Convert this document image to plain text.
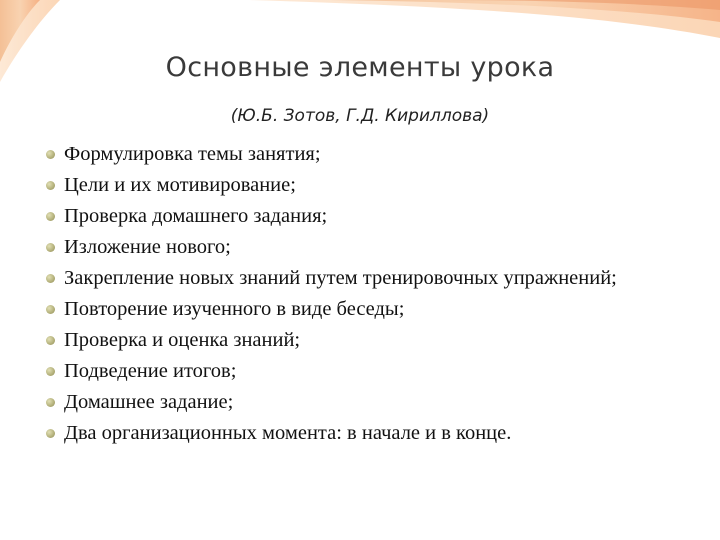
Основные элементы урока
(Ю.Б. Зотов, Г.Д. Кириллова)
Формулировка темы занятия;
Цели и их мотивирование;
Проверка домашнего задания;
Изложение нового;
Закрепление новых знаний путем тренировочных упражнений;
Повторение изученного в виде беседы;
Проверка и оценка знаний;
Подведение итогов;
Домашнее задание;
Два организационных момента: в начале и в конце.
